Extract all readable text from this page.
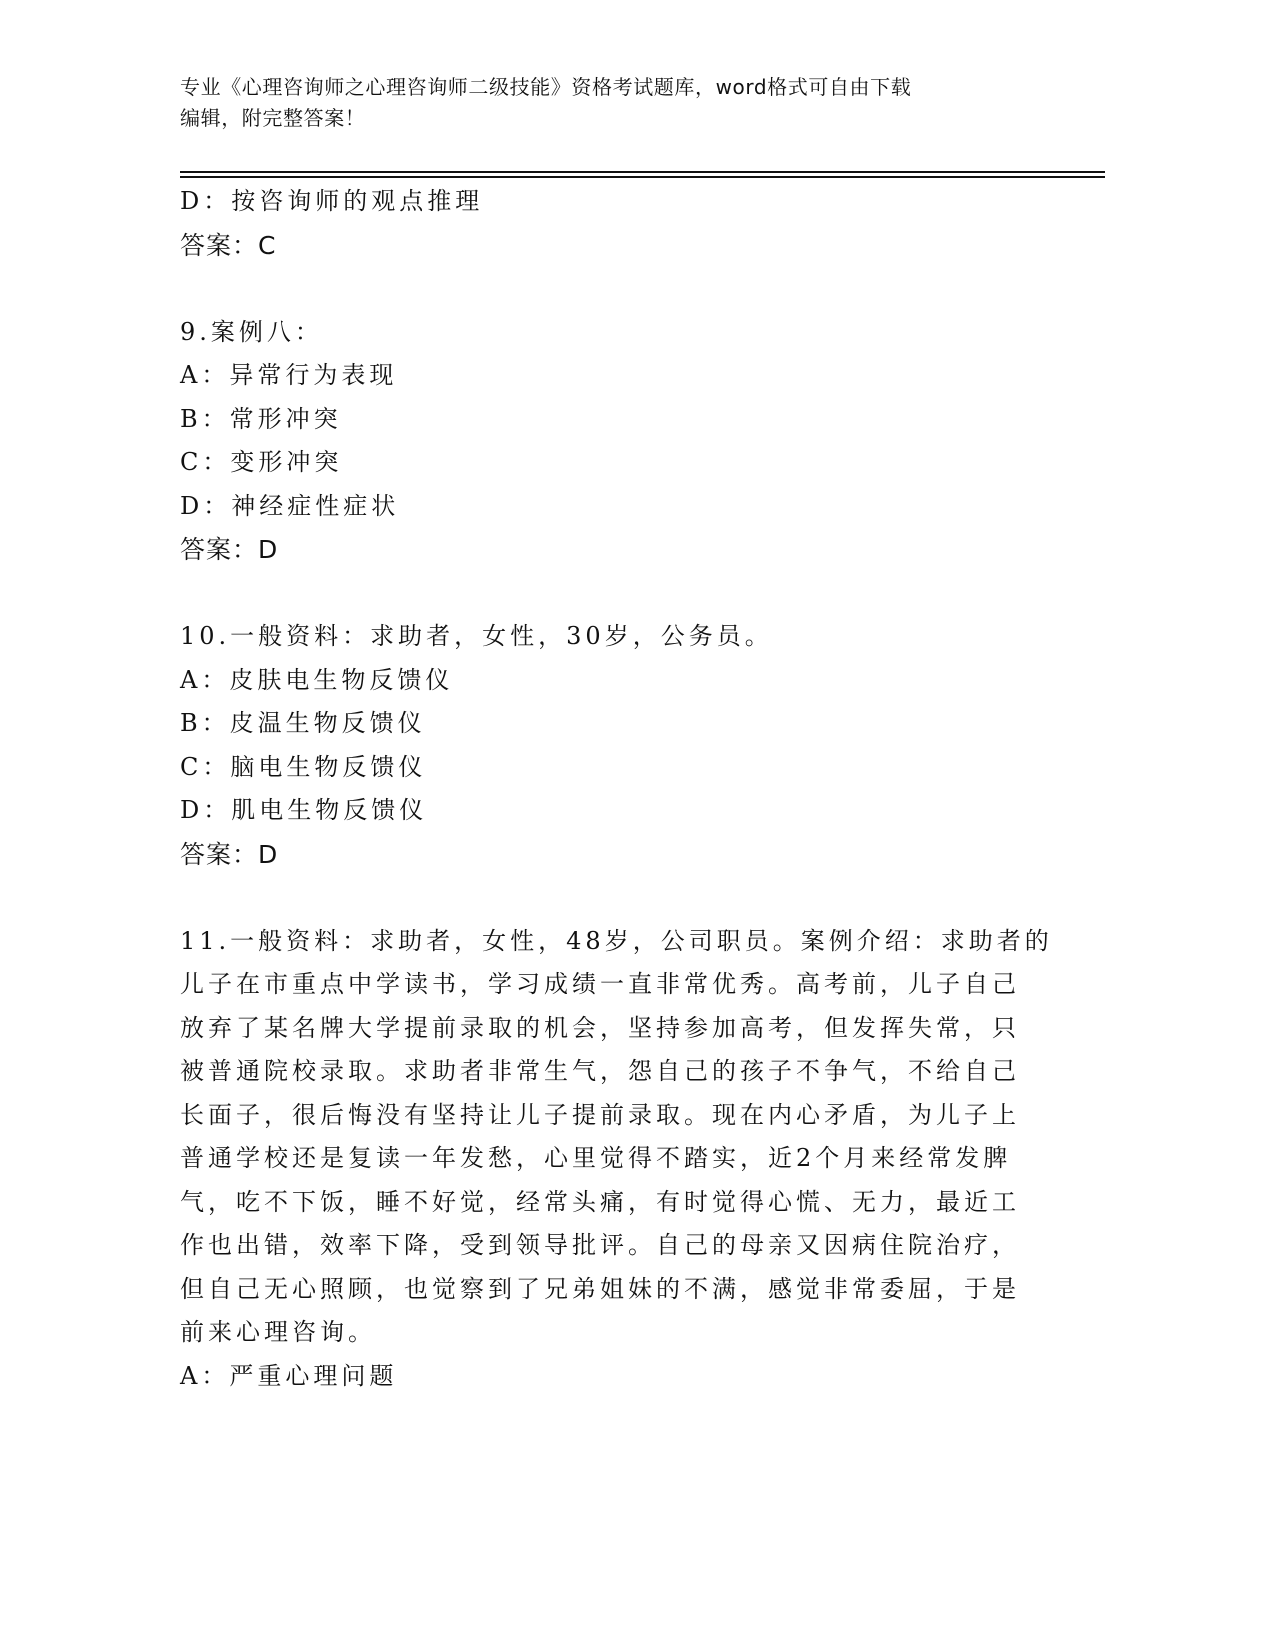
专业《心理咨询师之心理咨询师二级技能》资格考试题库，word格式可自由下载
编辑，附完整答案！
D：按咨询师的观点推理
答案：C
9.案例八：
A：异常行为表现
B：常形冲突
C：变形冲突
D：神经症性症状
答案：D
10.一般资料：求助者，女性，30岁，公务员。
A：皮肤电生物反馈仪
B：皮温生物反馈仪
C：脑电生物反馈仪
D：肌电生物反馈仪
答案：D
11.一般资料：求助者，女性，48岁，公司职员。案例介绍：求助者的
儿子在市重点中学读书，学习成绩一直非常优秀。高考前，儿子自己
放弃了某名牌大学提前录取的机会，坚持参加高考，但发挥失常，只
被普通院校录取。求助者非常生气，怨自己的孩子不争气，不给自己
长面子，很后悔没有坚持让儿子提前录取。现在内心矛盾，为儿子上
普通学校还是复读一年发愁，心里觉得不踏实，近2个月来经常发脾
气，吃不下饭，睡不好觉，经常头痛，有时觉得心慌、无力，最近工
作也出错，效率下降，受到领导批评。自己的母亲又因病住院治疗，
但自己无心照顾，也觉察到了兄弟姐妹的不满，感觉非常委屈，于是
前来心理咨询。
A：严重心理问题
